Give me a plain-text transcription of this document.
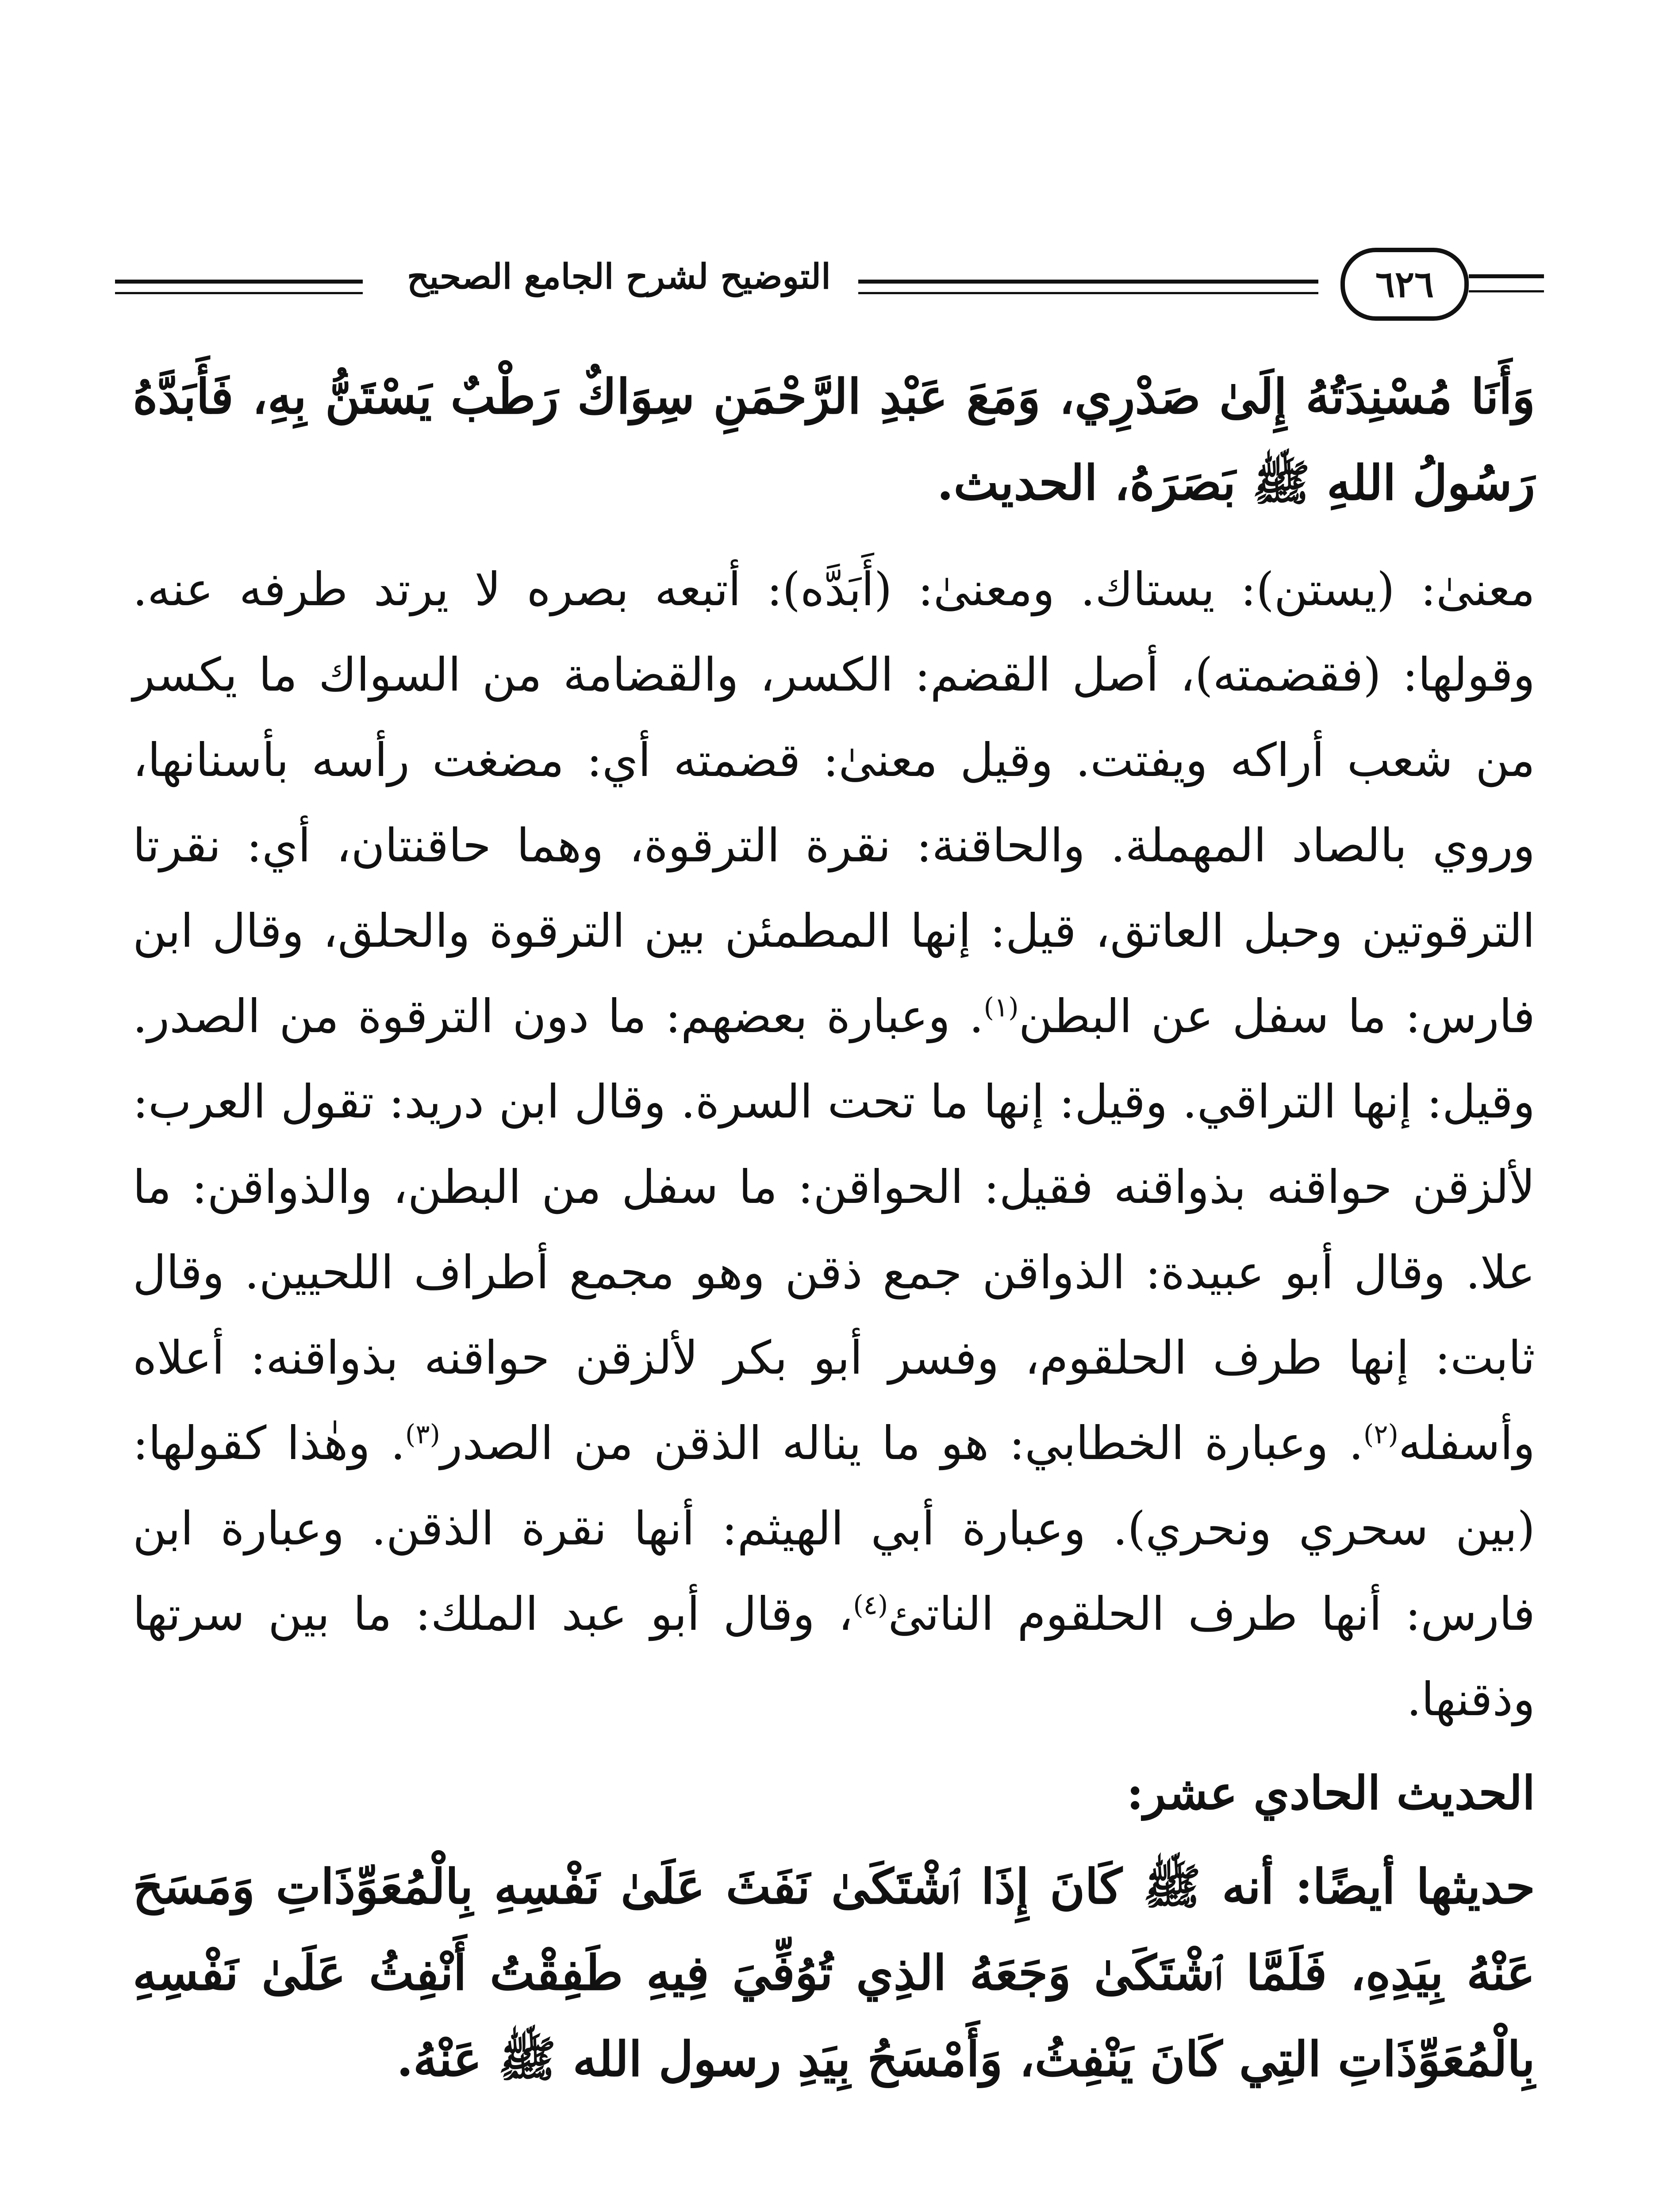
التوضيح لشرح الجامع الصحيح	٦٢٦

وَأَنَا مُسْنِدَتُهُ إِلَىٰ صَدْرِي، وَمَعَ عَبْدِ الرَّحْمَنِ سِوَاكٌ رَطْبٌ يَسْتَنُّ بِهِ، فَأَبَدَّهُ رَسُولُ اللهِ ﷺ بَصَرَهُ، الحديث.

معنىٰ: (يستن): يستاك. ومعنىٰ: (أَبَدَّه): أتبعه بصره لا يرتد طرفه عنه. وقولها: (فقضمته)، أصل القضم: الكسر، والقضامة من السواك ما يكسر من شعب أراكه ويفتت. وقيل معنىٰ: قضمته أي: مضغت رأسه بأسنانها، وروي بالصاد المهملة. والحاقنة: نقرة الترقوة، وهما حاقنتان، أي: نقرتا الترقوتين وحبل العاتق، قيل: إنها المطمئن بين الترقوة والحلق، وقال ابن فارس: ما سفل عن البطن$^{(١)}$. وعبارة بعضهم: ما دون الترقوة من الصدر. وقيل: إنها التراقي. وقيل: إنها ما تحت السرة. وقال ابن دريد: تقول العرب: لألزقن حواقنه بذواقنه فقيل: الحواقن: ما سفل من البطن، والذواقن: ما علا. وقال أبو عبيدة: الذواقن جمع ذقن وهو مجمع أطراف اللحيين. وقال ثابت: إنها طرف الحلقوم، وفسر أبو بكر لألزقن حواقنه بذواقنه: أعلاه وأسفله$^{(٢)}$. وعبارة الخطابي: هو ما يناله الذقن من الصدر$^{(٣)}$. وهٰذا كقولها: (بين سحري ونحري). وعبارة أبي الهيثم: أنها نقرة الذقن. وعبارة ابن فارس: أنها طرف الحلقوم الناتئ$^{(٤)}$، وقال أبو عبد الملك: ما بين سرتها وذقنها.

الحديث الحادي عشر:

حديثها أيضًا: أنه ﷺ كَانَ إِذَا ٱشْتَكَىٰ نَفَثَ عَلَىٰ نَفْسِهِ بِالْمُعَوِّذَاتِ وَمَسَحَ عَنْهُ بِيَدِهِ، فَلَمَّا ٱشْتَكَىٰ وَجَعَهُ الذِي تُوُفِّيَ فِيهِ طَفِقْتُ أَنْفِثُ عَلَىٰ نَفْسِهِ بِالْمُعَوِّذَاتِ التِي كَانَ يَنْفِثُ، وَأَمْسَحُ بِيَدِ رسول الله ﷺ عَنْهُ.
